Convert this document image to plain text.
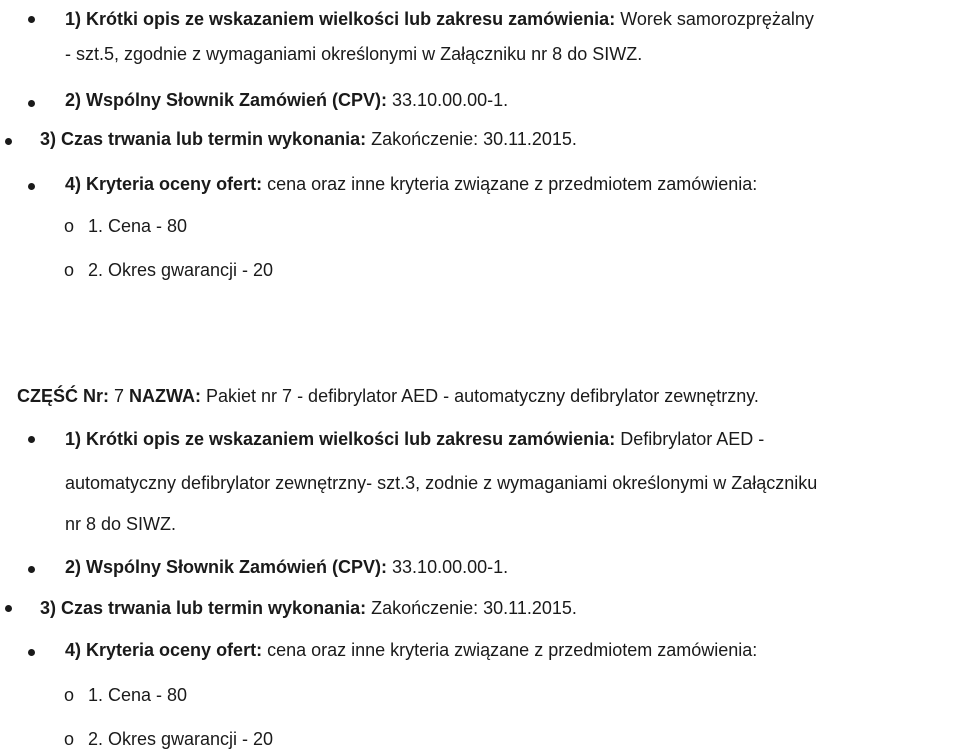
1) Krótki opis ze wskazaniem wielkości lub zakresu zamówienia: Worek samorozprężalny
- szt.5, zgodnie z wymaganiami określonymi w Załączniku nr 8 do SIWZ.
2) Wspólny Słownik Zamówień (CPV): 33.10.00.00-1.
3) Czas trwania lub termin wykonania: Zakończenie: 30.11.2015.
4) Kryteria oceny ofert: cena oraz inne kryteria związane z przedmiotem zamówienia:
o 1. Cena - 80
o 2. Okres gwarancji - 20
CZĘŚĆ Nr: 7 NAZWA: Pakiet nr 7 - defibrylator AED - automatyczny defibrylator zewnętrzny.
1) Krótki opis ze wskazaniem wielkości lub zakresu zamówienia: Defibrylator AED -
automatyczny defibrylator zewnętrzny- szt.3, zodnie z wymaganiami określonymi w Załączniku
nr 8 do SIWZ.
2) Wspólny Słownik Zamówień (CPV): 33.10.00.00-1.
3) Czas trwania lub termin wykonania: Zakończenie: 30.11.2015.
4) Kryteria oceny ofert: cena oraz inne kryteria związane z przedmiotem zamówienia:
o 1. Cena - 80
o 2. Okres gwarancji - 20
